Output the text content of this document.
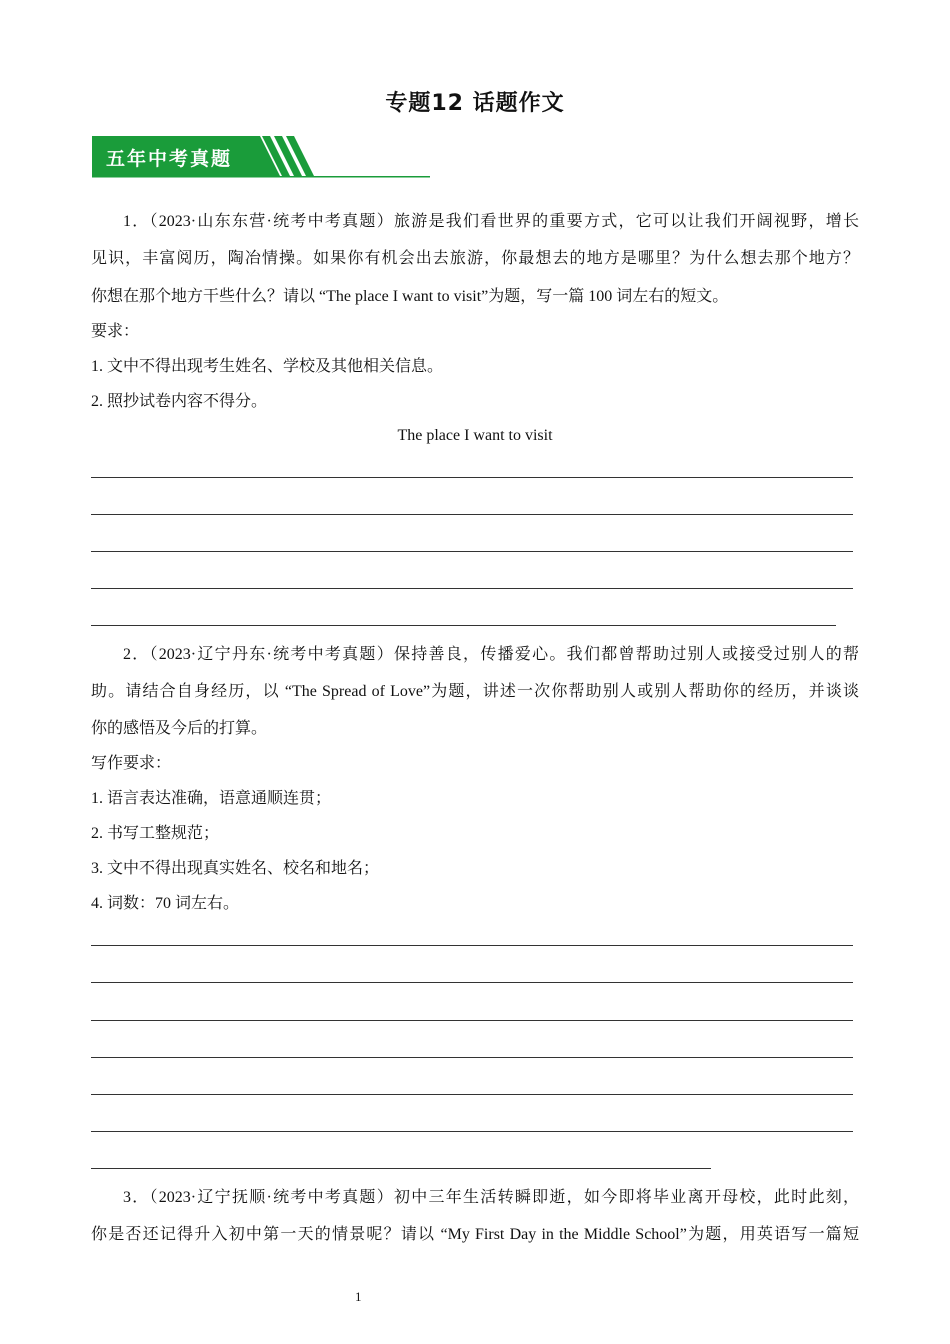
专题12 话题作文
五年中考真题
1．（2023·山东东营·统考中考真题）旅游是我们看世界的重要方式，它可以让我们开阔视野，增长
见识，丰富阅历，陶冶情操。如果你有机会出去旅游，你最想去的地方是哪里？为什么想去那个地方？
你想在那个地方干些什么？请以 “The place I want to visit”为题，写一篇 100 词左右的短文。
要求：
1. 文中不得出现考生姓名、学校及其他相关信息。
2. 照抄试卷内容不得分。
The place I want to visit
2．（2023·辽宁丹东·统考中考真题）保持善良，传播爱心。我们都曾帮助过别人或接受过别人的帮
助。请结合自身经历，以 “The Spread of Love”为题，讲述一次你帮助别人或别人帮助你的经历，并谈谈
你的感悟及今后的打算。
写作要求：
1. 语言表达准确，语意通顺连贯；
2. 书写工整规范；
3. 文中不得出现真实姓名、校名和地名；
4. 词数：70 词左右。
3．（2023·辽宁抚顺·统考中考真题）初中三年生活转瞬即逝，如今即将毕业离开母校，此时此刻，
你是否还记得升入初中第一天的情景呢？请以 “My First Day in the Middle School”为题，用英语写一篇短
1
